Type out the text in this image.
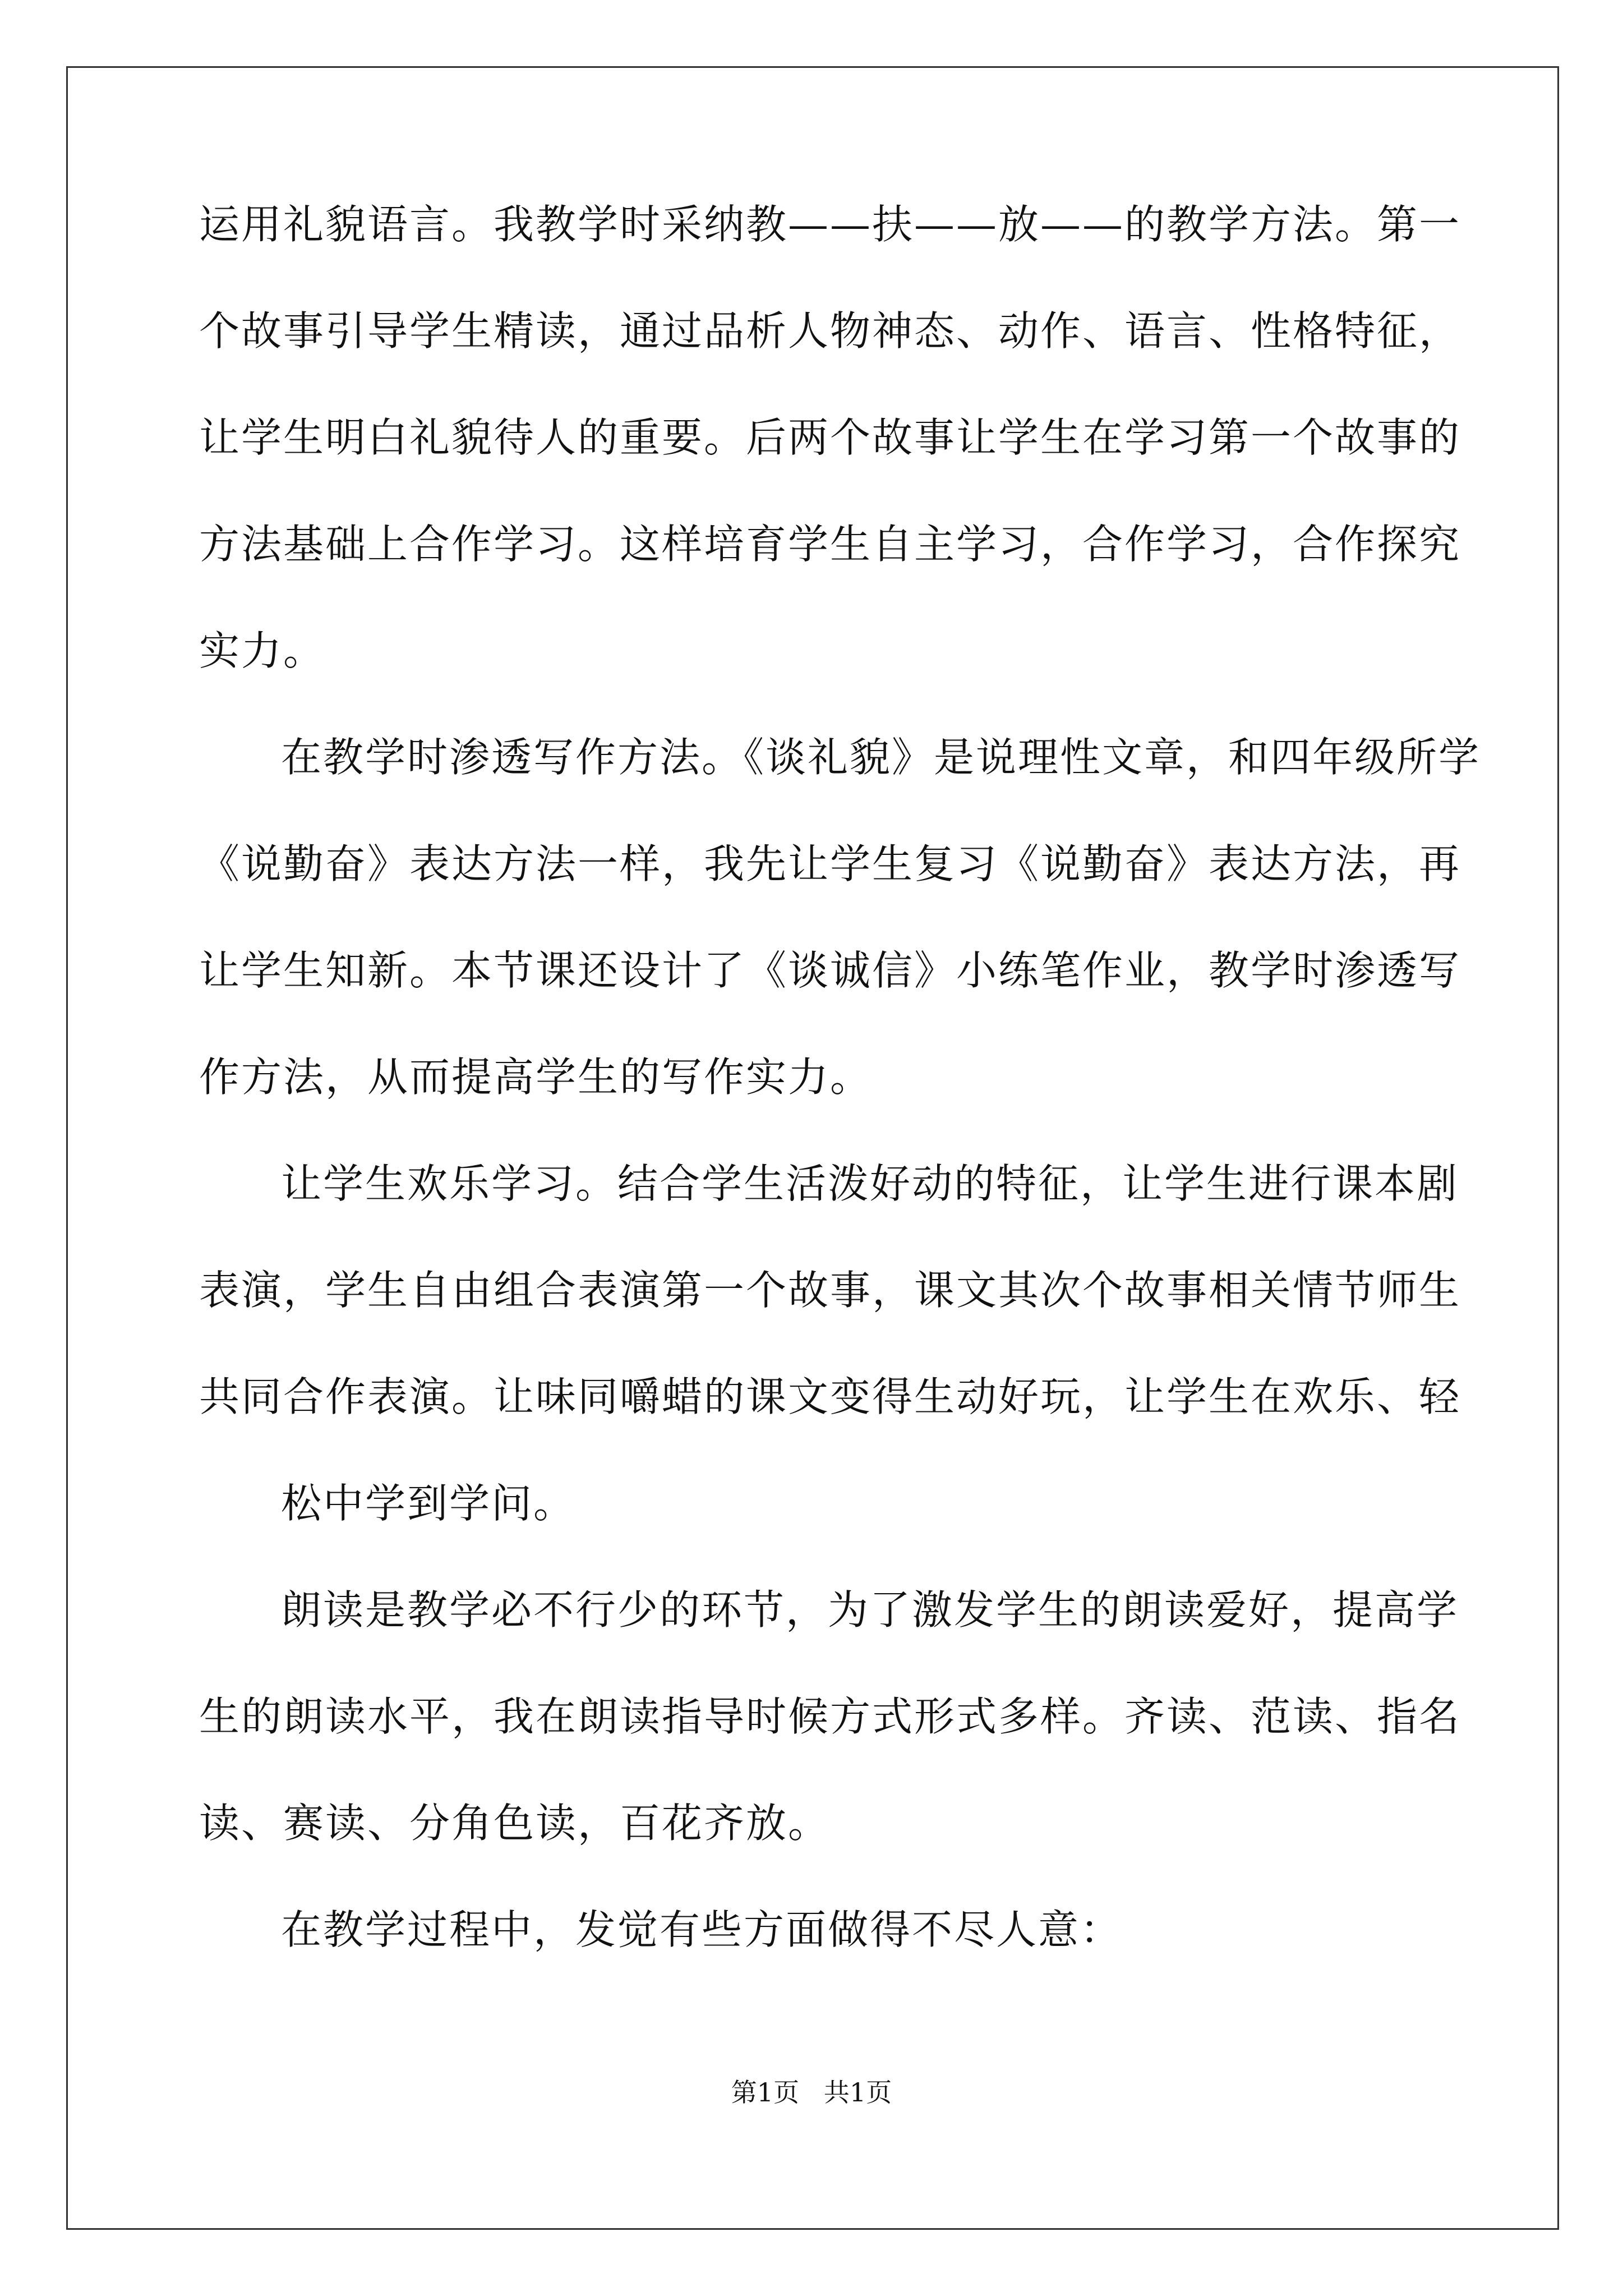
运用礼貌语言。我教学时采纳教——扶——放——的教学方法。第一
个故事引导学生精读，通过品析人物神态、动作、语言、性格特征，
让学生明白礼貌待人的重要。后两个故事让学生在学习第一个故事的
方法基础上合作学习。这样培育学生自主学习，合作学习，合作探究
实力。
在教学时渗透写作方法。《谈礼貌》是说理性文章，和四年级所学
《说勤奋》表达方法一样，我先让学生复习《说勤奋》表达方法，再
让学生知新。本节课还设计了《谈诚信》小练笔作业，教学时渗透写
作方法，从而提高学生的写作实力。
让学生欢乐学习。结合学生活泼好动的特征，让学生进行课本剧
表演，学生自由组合表演第一个故事，课文其次个故事相关情节师生
共同合作表演。让味同嚼蜡的课文变得生动好玩，让学生在欢乐、轻
松中学到学问。
朗读是教学必不行少的环节，为了激发学生的朗读爱好，提高学
生的朗读水平，我在朗读指导时候方式形式多样。齐读、范读、指名
读、赛读、分角色读，百花齐放。
在教学过程中，发觉有些方面做得不尽人意：
第1页   共1页
